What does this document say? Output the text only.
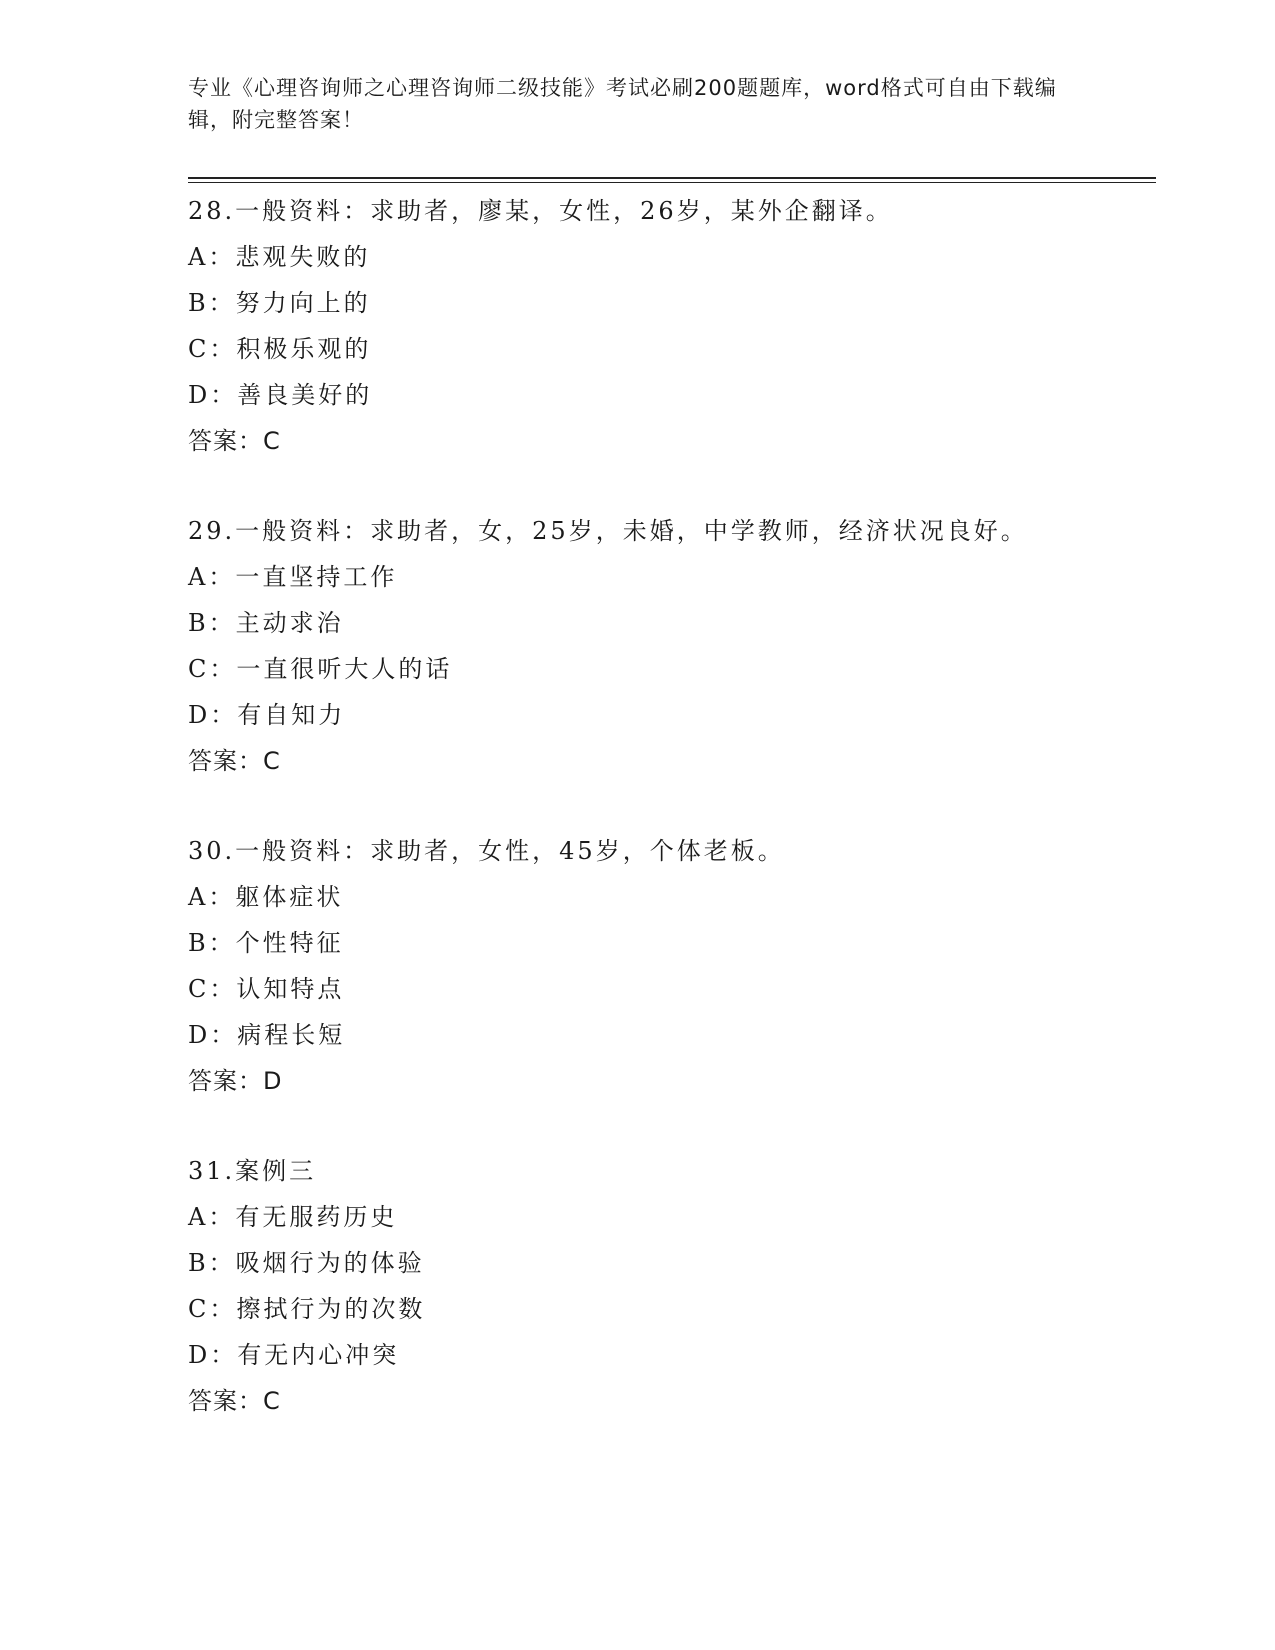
专业《心理咨询师之心理咨询师二级技能》考试必刷200题题库，word格式可自由下载编辑，附完整答案！
28.一般资料：求助者，廖某，女性，26岁，某外企翻译。
A：悲观失败的
B：努力向上的
C：积极乐观的
D：善良美好的
答案：C
29.一般资料：求助者，女，25岁，未婚，中学教师，经济状况良好。
A：一直坚持工作
B：主动求治
C：一直很听大人的话
D：有自知力
答案：C
30.一般资料：求助者，女性，45岁，个体老板。
A：躯体症状
B：个性特征
C：认知特点
D：病程长短
答案：D
31.案例三
A：有无服药历史
B：吸烟行为的体验
C：擦拭行为的次数
D：有无内心冲突
答案：C
